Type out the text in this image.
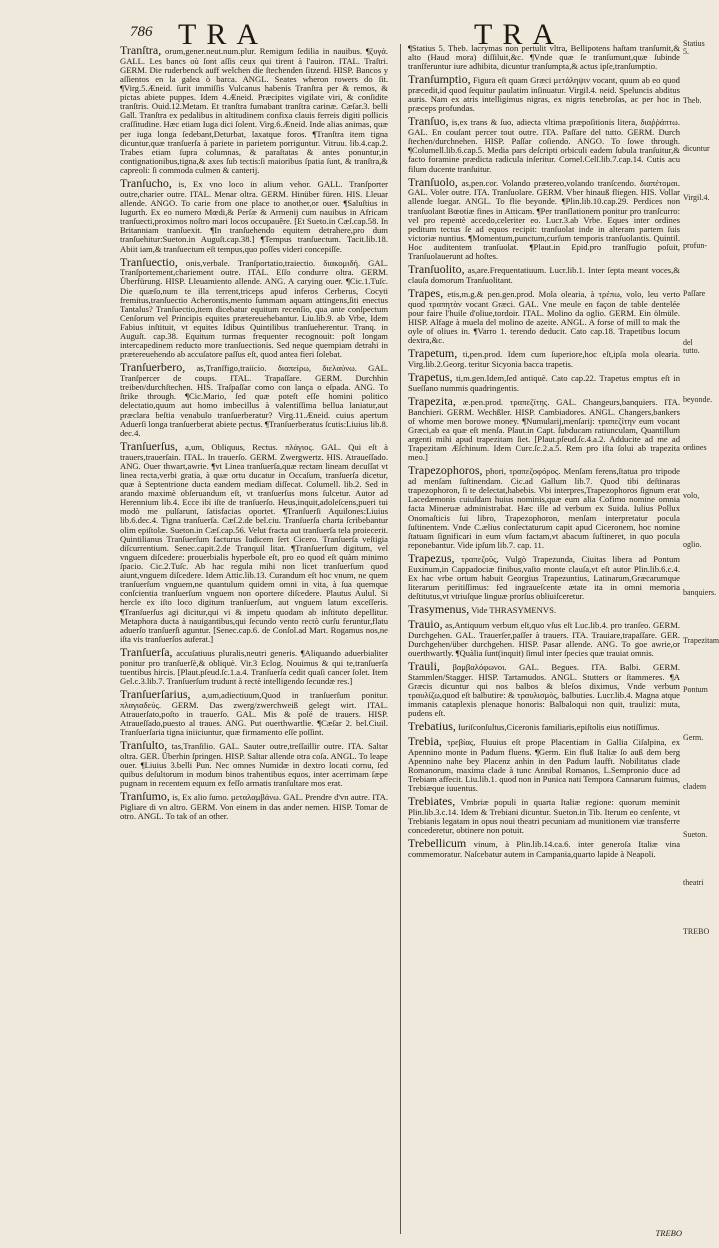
786 TRA	TRA

Tranſtra, orum,gener.neut.num.plur. Remigum ſedilia in nauibus. ¶ζυγά. GALL. Les bancs où ſont aſſis ceux qui tirent à l'auiron. ITAL. Traſtri. GERM. Die ruderbenck auff welchen die ſtechenden ſitzend. HISP. Bancos y aſſientos en la galea ò barca. ANGL. Seates wheron rowers do ſit. ¶Virg.5.Æneid. ſurit immiſſis Vulcanus habenis Tranſtra per & remos, & pictas abiete puppes. Idem 4.Æneid. Præcipites vigilate viri, & conſidite tranſtris. Ouid.12.Metam. Et tranſtra fumabant tranſtra carinæ. Cæſar.3. belli Gall. Tranſtra ex pedalibus in altitudinem confixa clauis ferreis digiti pollicis craſſitudine. Hæc etiam Iuga dici ſolent. Virg.6.Æneid. Inde alias animas, quæ per iuga longa ſedebant,Deturbat, laxatque foros. ¶Tranſtra item tigna dicuntur,quæ tranſuerſa à pariete in parietem porriguntur. Vitruu. lib.4.cap.2. Trabes etiam ſupra columnas, & paraſtatas & antes ponuntur,in contignationibus,tigna,& axes ſub tectis:ſi maioribus ſpatia ſunt, & tranſtra,& capreoli: ſi commoda culmen & canterij.

Tranſucho, is, Ex vno loco in alium vehor. GALL. Tranſporter outre,charier outre. ITAL. Menar oltra. GERM. Hinüber füren. HIS. Lleuar allende. ANGO. To carie from one place to another,or ouer. ¶Saluſtius in Iugurth. Ex eo numero Mœdi,& Perſæ & Armenij cum nauibus in Africam tranſuecti,proximos noſtro mari locos occupauêre. [Et Sueto.in Cæſ.cap.58. In Britanniam tranſuexit. ¶In tranſuehendo equitem detrahere,pro dum tranſuehitur:Sueton.in Auguſt.cap.38.] ¶Tempus tranſuectum. Tacit.lib.18. Abiit iam,& tranſuectum eſt tempus,quo poſſes videri concepiſſe.

Tranſuectio, onis,verbale. Tranſportatio,traiectio. διακομιδή. GAL. Tranſportement,chariement outre. ITAL. Eſſo condurre oltra. GERM. Überfürung. HISP. Lleuamiento allende. ANG. A carying ouer. ¶Cic.1.Tuſc. Die quæſo,num te illa terrent,triceps apud inferos Cerberus, Cocyti fremitus,tranſuectio Acherontis,mento ſummam aquam attingens,ſiti enectus Tantalus? Tranſuectio,item dicebatur equitum recenſio, qua ante conſpectum Cenſorum vel Principis equites prætereuehebantur. Liu.lib.9. ab Vrbe, Idem Fabius inſtituit, vt equites Idibus Quintilibus tranſueherentur. Tranq. in Auguſt. cap.38. Equitum turmas frequenter recognouit: poſt longam intercapedinem reducto more tranſuectionis. Sed neque quempiam detrahi in prætereuehendo ab accuſatore paſſus eſt, quod antea fieri ſolebat.

Tranſuerbero, as,Tranſfigo,traiicio. διαπείρω, διελαύνω. GAL. Tranſpercer de coups. ITAL. Trapaſſare. GERM. Durchhin treiben/durchſtechen. HIS. Traſpaſſar como con lança o eſpada. ANG. To ſtrike through. ¶Cic.Mario, ſed quæ poteſt eſſe homini politico delectatio,quum aut homo imbecillus à valentiſſima bellua laniatur,aut præclara beſtia venabulo tranſuerberatur? Virg.11.Æneid. cuius apertum Aduerſi longa tranſuerberat abiete pectus. ¶Tranſuerberatus ſcutis:Liuius lib.8. dec.4.

Tranſuerſus, a,um, Obliquus, Rectus. πλάγιος. GAL. Qui eſt à trauers,trauerſain. ITAL. In trauerſo. GERM. Zwergwertz. HIS. Atraueſſado. ANG. Ouer thwart,awrie. ¶vt Linea tranſuerſa,quæ rectam lineam decuſſat vt linea recta,verbi gratia, à quæ ortu ducatur in Occaſum, tranſuerſa dicetur, quæ à Septentrione ducta eandem mediam diſſecat. Columell. lib.2. Sed in arando maximè obſeruandum eſt, vt tranſuerſus mons ſulcetur. Autor ad Herennium lib.4. Ecce ibi iſte de tranſuerſo. Heus,inquit,adoleſcens,pueri tui modò me pulſarunt, ſatisfacias oportet. ¶Tranſuerſi Aquilones:Liuius lib.6.dec.4. Tigna tranſuerſa. Cæſ.2.de bel.ciu. Tranſuerſa charta ſcribebantur olim epiſtolæ. Sueton.in Cæſ.cap.56. Velut fracta aut tranſuerſa tela proiecerit. Quintilianus Tranſuerſum facturus Iudicem ſert Cicero. Tranſuerſa veſtigia diſcurrentium. Senec.capit.2.de Tranquil litat. ¶Tranſuerſum digitum, vel vnguem diſcedere: prouerbialis hyperbole eſt, pro eo quod eſt quàm minimo ſpacio. Cic.2.Tuſc. Ab hac regula mihi non licet tranſuerſum quod aiunt,vnguem diſcedere. Idem Attic.lib.13. Curandum eſt hoc vnum, ne quem tranſuerſum vnguem,ne quantulum quidem omni in vita, à ſua quemque conſcientia tranſuerſum vnguem non oportere diſcedere. Plautus Aulul. Si hercle ex iſto loco digitum tranſuerſum, aut vnguem latum exceſſeris. ¶Tranſuerſus agi dicitur,qui vi & impetu quodam ab inſtituto depellitur. Metaphora ducta à nauigantibus,qui ſecundo vento rectò curſu feruntur,flatu aduerſo tranſuerſi aguntur. [Senec.cap.6. de Conſol.ad Mart. Rogamus nos,ne iſta vis tranſuerſos auferat.]

Tranſuerſa, accuſatiuus pluralis,neutri generis. ¶Aliquando aduerbialiter ponitur pro tranſuerſè,& obliquè. Vir.3 Eclog. Nouimus & qui te,tranſuerſa tuentibus hircis. [Plaut.pſeud.ſc.1.a.4. Tranſuerſa cedit quaſi cancer ſolet. Item Gel.c.3.lib.7. Tranſuerſum trudunt à rectè intelligendo ſecundæ res.]

Tranſuerſarius, a,um,adiectiuum,Quod in tranſuerſum ponitur. πλαγιαδεύς. GERM. Das zwerg/zwerchweiß gelegt wirt. ITAL. Atrauerſato,poſto in trauerſo. GAL. Mis & poſé de trauers. HISP. Atraueſſado,puesto al traues. ANG. Put ouerthwartlie. ¶Cæſar 2. bel.Ciuil. Tranſuerſaria tigna iniiciuntur, quæ firmamento eſſe poſſint.

Tranſulto, tas,Tranſilio. GAL. Sauter outre,treſſaillir outre. ITA. Saltar oltra. GER. Überhin ſpringen. HISP. Saltar allende otra coſa. ANGL. To leape ouer. ¶Liuius 3.belli Pun. Nec omnes Numidæ in dextro locati cornu, ſed quibus deſultorum in modum binos trahentibus equos, inter acerrimam ſæpe pugnam in recentem equum ex feſſo armatis tranſultare mos erat.

Tranſumo, is, Ex alio ſumo. μεταλαμβάνω. GAL. Prendre d'vn autre. ITA. Pigliare di vn altro. GERM. Von einem in das ander nemen. HISP. Tomar de otro. ANGL. To tak of an other.

¶Statius 5. Theb. lacrymas non pertulit vltra, Bellipotens haſtam tranſumit,& alto (Haud mora) diſſiluit,&c. ¶Vnde quæ ſe tranſumunt,quæ ſubinde tranſferuntur iure adhibita, dicuntur tranſumpta,& actus ipſe,tranſumptio.

Tranſumptio, Figura eſt quam Græci μετάληψιν vocant, quum ab eo quod præcedit,id quod ſequitur paulatim inſinuatur. Virgil.4. neid. Speluncis abditus auris. Nam ex atris intelligimus nigras, ex nigris tenebroſas, ac per hoc in præceps profundas.

Tranſuo, is,ex trans & ſuo, adiecta vltima præpoſitionis litera, διαῤῥάπτω. GAL. En couſant percer tout outre. ITA. Paſſare del tutto. GERM. Durch ſtechen/durchnehen. HISP. Paſſar coſiendo. ANGO. To ſowe through. ¶Columell.lib.6.cap.5. Media pars deſcripti orbiculi eadem ſubula tranſuitur,& facto foramine prædicta radicula inſeritur. Cornel.Celſ.lib.7.cap.14. Cutis acu filum ducente tranſuitur.

Tranſuolo, as,pen.cor. Volando prætereo,volando tranſcendo. διαπέτομαι. GAL. Voler outre. ITA. Tranſuolare. GERM. Vber hinauß fliegen. HIS. Vollar allende luegar. ANGL. To flie beyonde. ¶Plin.lib.10.cap.29. Perdices non tranſuolant Bœotiæ fines in Atticam. ¶Per tranſlationem ponitur pro tranſcurro: vel pro repentè accedo,celeriter eo. Lucr.3.ab Vrbe. Eques inter ordines peditum tectus ſe ad equos recipit: tranſuolat inde in alteram partem ſuis victoriæ nuntius. ¶Momentum,punctum,curſum temporis tranſuolantis. Quintil. Hoc auditentem tranſuolat. ¶Plaut.in Epid.pro tranſfugio poſuit, Tranſuolauerunt ad hoſtes.

Tranſuolito, as,are.Frequentatiuum. Lucr.lib.1. Inter ſepta meant voces,& clauſa domorum Tranſuolitant.

Trapes, etis,m.g.& pen.gen.prod. Mola olearia, à τρέπω, volo, leu verto quod τραπητὰν vocant Græci. GAL. Vne meule en façon de table dentelée pour faire l'huile d'oliue,tordoir. ITAL. Molino da oglio. GERM. Ein ölmüle. HISP. Alfage à muela del molino de azeite. ANGL. A forse of mill to mak the oyle of oliues in. ¶Varro 1. terendo deducit. Cato cap.18. Trapetibus locum dextra,&c.

Trapetum, ti,pen.prod. Idem cum ſuperiore,hoc eſt,ipſa mola olearia. Virg.lib.2.Georg. teritur Sicyonia bacca trapetis.

Trapetus, ti,m.gen.Idem,ſed antiquè. Cato cap.22. Trapetus emptus eſt in Sueſſano nummis quadringentis.

Trapezita, æ.pen.prod. τραπεζίτης. GAL. Changeurs,banquiers. ITA. Banchieri. GERM. Wechßler. HISP. Cambiadores. ANGL. Changers,bankers of whome men borowe money. ¶Numularij,menſarij: τραπεζίτην eum vocant Græci,ab ea quæ eſt menſa. Plaut.in Capt. ſubducam ratiunculam, Quantillum argenti mihi apud trapezitam ſiet. [Plaut.pſeud.ſc.4.a.2. Adducite ad me ad Trapezitam Æſchinum. Idem Curc.ſc.2.a.5. Rem pro iſta ſolui ab trapezita meo.]

Trapezophoros, phori, τραπεζοφόρος. Menſam ferens,ſtatua pro tripode ad menſam ſuſtinendam. Cic.ad Gallum lib.7. Quod tibi deſtinaras trapezophoron, ſi te delectat,habebis. Vbi interpres,Trapezophoros ſignum erat Lacedæmonis cuiuſdam huius nominis,quæ eum alia Cofimo nomine omnia facta Mineruæ administrabat. Hæc ille ad verbum ex Suida. Iulius Pollux Onomaſticis ſui libro, Trapezophoron, menſam interpretatur pocula ſuſtinentem. Vnde C.ælius conſectaturum capit apud Ciceronem, hoc nomine ſtatuam ſignificari in eum vſum factam,vt abacum ſuſtineret, in quo pocula reponebantur. Vide ipſum lib.7. cap. 11.

Trapezus, τραπεζοῦς, Vulgò Trapezunda, Ciuitas libera ad Pontum Euxinum,in Cappadociæ finibus,vaſto monte clauſa,vt eſt autor Plin.lib.6.c.4. Ex hac vrbe ortum habuit Georgius Trapezuntius, Latinarum,Græcarumque literarum peritiſſimus: fed ingraueſcente ætate ita in omni memoria deſtitutus,vt vtriuſque linguæ prorſus obliuiſceretur.

Trasymenus, Vide THRASYMENVS.

Trauio, as,Antiquum verbum eſt,quo vſus eſt Luc.lib.4. pro tranſeo. GERM. Durchgehen. GAL. Trauerſer,paſſer à trauers. ITA. Trauiare,trapaſſare. GER. Durchgehen/über durchgehen. HISP. Pasar allende. ANG. To goe awrie,or ouerthwartly. ¶Quàlia ſunt(inquit) ſimul inter ſpecies quæ trauiat omnis.

Trauli, βαμβαλόφωνοι. GAL. Begues. ITA. Balbi. GERM. Stammlen/Stagger. HISP. Tartamudos. ANGL. Stutters or ſtammeres. ¶A Græcis dicuntur qui nos balbos & bleſos diximus, Vnde verbum τραυλίζω,quod eſt balbutire: & τραυλισμὸς, balbuties. Lucr.lib.4. Magna atque immanis cataplexis plenaque honoris: Balbaloqui non quit, traulizi: muta, pudens eſt.

Trebatius, Iuriſconſultus,Ciceronis familiaris,epiſtolis eius notiſſimus.

Trebia, τρεβίας, Fluuius eſt prope Placentiam in Gallia Ciſalpina, ex Apennino monte in Padum fluens. ¶Germ. Ein fluß Italiæ ſo auß dem berg Apennino nahe bey Placenz anhin in den Padum laufft. Nobilitatus clade Romanorum, maxima clade à tunc Annibal Romanos, L.Sempronio duce ad Trebiam affecit. Liu.lib.1. quod non in Punica nati Tempora Cannarum fuimus, Trebiæque iuuentus.

Trebiates, Vmbriæ populi in quarta Italiæ regione: quorum meminit Plin.lib.3.c.14. Idem & Trebiani dicuntur. Sueton.in Tib. Iterum eo cenſente, vt Trebianis legatam in opus noui theatri pecuniam ad munitionem viæ transferre concederetur, obtinere non potuit.

Trebellicum vinum, à Plin.lib.14.ca.6. inter generoſa Italiæ vina commemoratur. Naſcebatur autem in Campania,quarto lapide à Neapoli.

Statius 5.
Theb.
dicuntur
Virgil.4.
profun-
Paſſare
del tutto.
beyonde.
ordines
volo,
oglio.
banquiers.
Trapezitam
Pontum
Germ.
cladem
Sueton.
theatri
TREBO
TREBO
